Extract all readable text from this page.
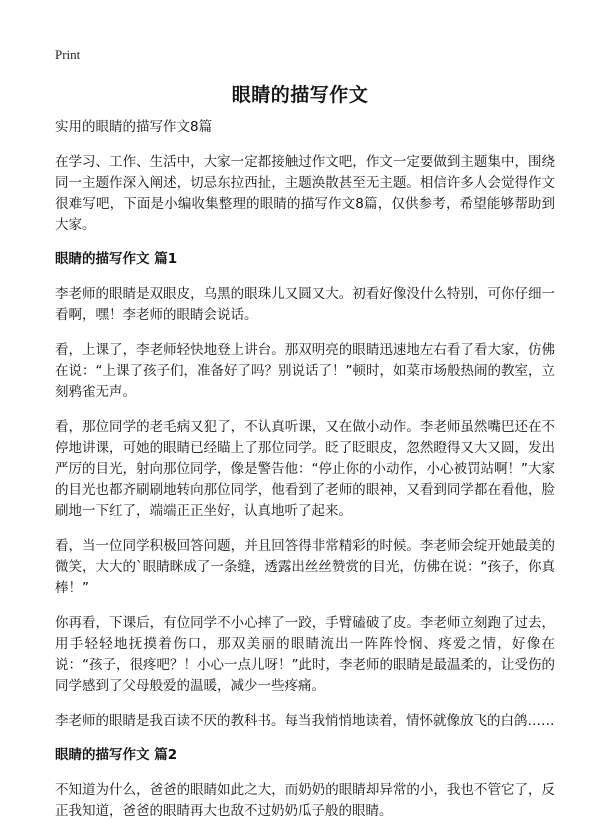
Print
眼睛的描写作文
实用的眼睛的描写作文8篇

在学习、工作、生活中，大家一定都接触过作文吧，作文一定要做到主题集中，围绕同一主题作深入阐述，切忌东拉西扯，主题涣散甚至无主题。相信许多人会觉得作文很难写吧，下面是小编收集整理的眼睛的描写作文8篇，仅供参考，希望能够帮助到大家。

眼睛的描写作文 篇1

李老师的眼睛是双眼皮，乌黑的眼珠儿又圆又大。初看好像没什么特别，可你仔细一看啊，嘿！李老师的眼睛会说话。

看，上课了，李老师轻快地登上讲台。那双明亮的眼睛迅速地左右看了看大家，仿佛在说：“上课了孩子们，准备好了吗？别说话了！”顿时，如菜市场般热闹的教室，立刻鸦雀无声。

看，那位同学的老毛病又犯了，不认真听课，又在做小动作。李老师虽然嘴巴还在不停地讲课，可她的眼睛已经瞄上了那位同学。眨了眨眼皮，忽然瞪得又大又圆，发出严厉的目光，射向那位同学，像是警告他：“停止你的小动作，小心被罚站啊！”大家的目光也都齐刷刷地转向那位同学，他看到了老师的眼神，又看到同学都在看他，脸刷地一下红了，端端正正坐好，认真地听了起来。

看，当一位同学积极回答问题，并且回答得非常精彩的时候。李老师会绽开她最美的微笑，大大的`眼睛眯成了一条缝，透露出丝丝赞赏的目光，仿佛在说：“孩子，你真棒！”

你再看，下课后，有位同学不小心摔了一跤，手臂磕破了皮。李老师立刻跑了过去，用手轻轻地抚摸着伤口，那双美丽的眼睛流出一阵阵怜悯、疼爱之情，好像在说：“孩子，很疼吧？！小心一点儿呀！”此时，李老师的眼睛是最温柔的，让受伤的同学感到了父母般爱的温暖，减少一些疼痛。

李老师的眼睛是我百读不厌的教科书。每当我悄悄地读着，情怀就像放飞的白鸽……

眼睛的描写作文 篇2

不知道为什么，爸爸的眼睛如此之大，而奶奶的眼睛却异常的小，我也不管它了，反正我知道，爸爸的眼睛再大也敌不过奶奶瓜子般的眼睛。
